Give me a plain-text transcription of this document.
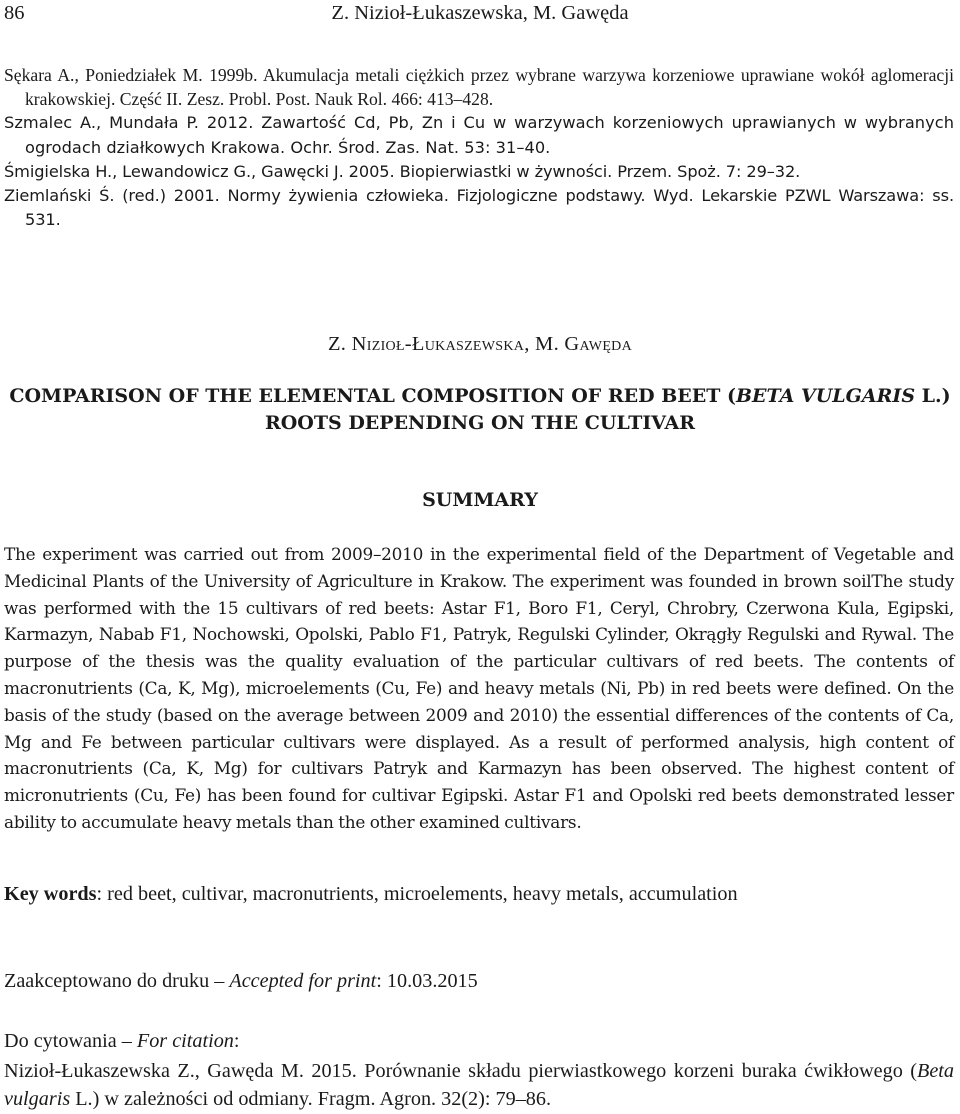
86	Z. Nizioł-Łukaszewska, M. Gawęda
Sękara A., Poniedziałek M. 1999b. Akumulacja metali ciężkich przez wybrane warzywa korzeniowe uprawiane wokół aglomeracji krakowskiej. Część II. Zesz. Probl. Post. Nauk Rol. 466: 413–428.
Szmalec A., Mundała P. 2012. Zawartość Cd, Pb, Zn i Cu w warzywach korzeniowych uprawianych w wybranych ogrodach działkowych Krakowa. Ochr. Środ. Zas. Nat. 53: 31–40.
Śmigielska H., Lewandowicz G., Gawęcki J. 2005. Biopierwiastki w żywności. Przem. Spoż. 7: 29–32.
Ziemlański Ś. (red.) 2001. Normy żywienia człowieka. Fizjologiczne podstawy. Wyd. Lekarskie PZWL Warszawa: ss. 531.
Z. Nizioł-Łukaszewska, M. Gawęda
COMPARISON OF THE ELEMENTAL COMPOSITION OF RED BEET (BETA VULGARIS L.)
ROOTS DEPENDING ON THE CULTIVAR
SUMMARY
The experiment was carried out from 2009–2010 in the experimental field of the Department of Vegetable and Medicinal Plants of the University of Agriculture in Krakow. The experiment was founded in brown soilThe study was performed with the 15 cultivars of red beets: Astar F1, Boro F1, Ceryl, Chrobry, Czerwona Kula, Egipski, Karmazyn, Nabab F1, Nochowski, Opolski, Pablo F1, Patryk, Regulski Cylinder, Okrągły Regulski and Rywal. The purpose of the thesis was the quality evaluation of the particular cultivars of red beets. The contents of macronutrients (Ca, K, Mg), microelements (Cu, Fe) and heavy metals (Ni, Pb) in red beets were defined. On the basis of the study (based on the average between 2009 and 2010) the essential differences of the contents of Ca, Mg and Fe between particular cultivars were displayed. As a result of performed analysis, high content of macronutrients (Ca, K, Mg) for cultivars Patryk and Karmazyn has been observed. The highest content of micronutrients (Cu, Fe) has been found for cultivar Egipski. Astar F1 and Opolski red beets demonstrated lesser ability to accumulate heavy metals than the other examined cultivars.
Key words: red beet, cultivar, macronutrients, microelements, heavy metals, accumulation
Zaakceptowano do druku – Accepted for print: 10.03.2015
Do cytowania – For citation:
Nizioł-Łukaszewska Z., Gawęda M. 2015. Porównanie składu pierwiastkowego korzeni buraka ćwikłowego (Beta vulgaris L.) w zależności od odmiany. Fragm. Agron. 32(2): 79–86.
